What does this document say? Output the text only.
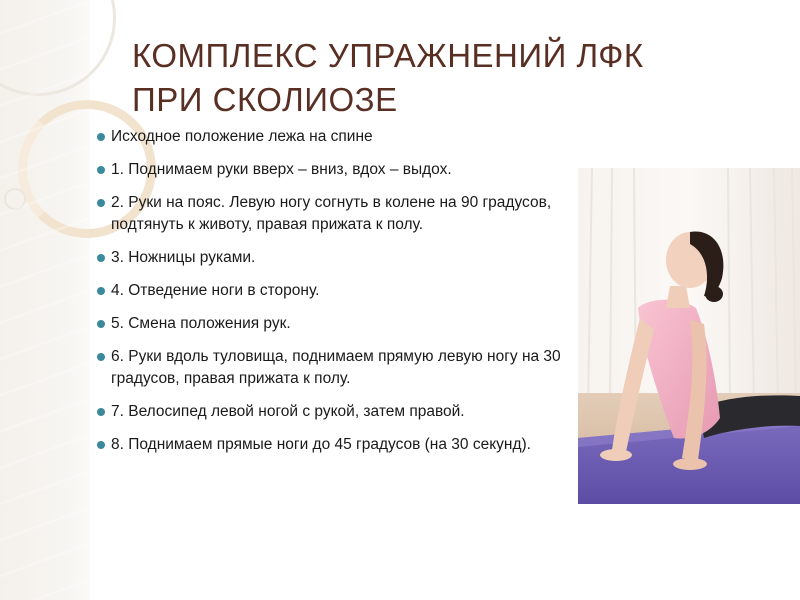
КОМПЛЕКС УПРАЖНЕНИЙ ЛФК
ПРИ СКОЛИОЗЕ
Исходное положение лежа на спине
1. Поднимаем руки вверх – вниз, вдох – выдох.
2. Руки на пояс. Левую ногу согнуть в колене на 90 градусов, подтянуть к животу, правая прижата к полу.
3. Ножницы руками.
4. Отведение ноги в сторону.
5. Смена положения рук.
6. Руки вдоль туловища, поднимаем прямую левую ногу на 30 градусов, правая прижата к полу.
7. Велосипед левой ногой с рукой, затем правой.
8. Поднимаем прямые ноги до 45 градусов (на 30 секунд).
